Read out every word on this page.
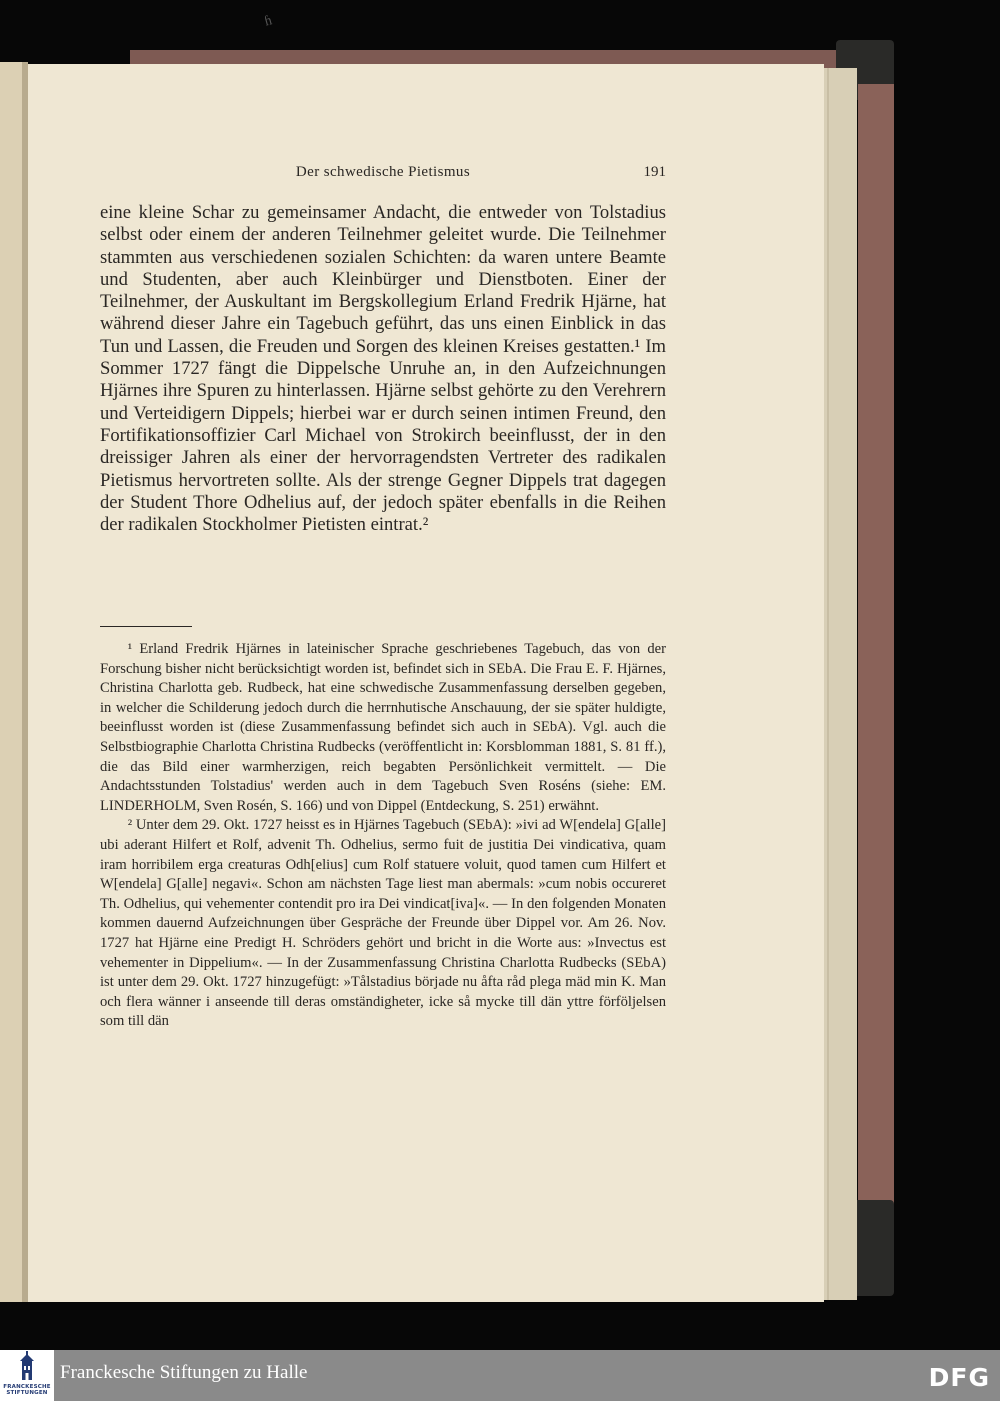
ɦ
Der schwedische Pietismus	191

eine kleine Schar zu gemeinsamer Andacht, die entweder von Tolstadius selbst oder einem der anderen Teilnehmer geleitet wurde. Die Teilnehmer stammten aus verschiedenen sozialen Schichten: da waren untere Beamte und Studenten, aber auch Kleinbürger und Dienstboten. Einer der Teilnehmer, der Auskultant im Bergskollegium Erland Fredrik Hjärne, hat während dieser Jahre ein Tagebuch geführt, das uns einen Einblick in das Tun und Lassen, die Freuden und Sorgen des kleinen Kreises gestatten.¹ Im Sommer 1727 fängt die Dippelsche Unruhe an, in den Aufzeichnungen Hjärnes ihre Spuren zu hinterlassen. Hjärne selbst gehörte zu den Verehrern und Verteidigern Dippels; hierbei war er durch seinen intimen Freund, den Fortifikationsoffizier Carl Michael von Strokirch beeinflusst, der in den dreissiger Jahren als einer der hervorragendsten Vertreter des radikalen Pietismus hervortreten sollte. Als der strenge Gegner Dippels trat dagegen der Student Thore Odhelius auf, der jedoch später ebenfalls in die Reihen der radikalen Stockholmer Pietisten eintrat.²

¹ Erland Fredrik Hjärnes in lateinischer Sprache geschriebenes Tagebuch, das von der Forschung bisher nicht berücksichtigt worden ist, befindet sich in SEbA. Die Frau E. F. Hjärnes, Christina Charlotta geb. Rudbeck, hat eine schwedische Zusammenfassung derselben gegeben, in welcher die Schilderung jedoch durch die herrnhutische Anschauung, der sie später huldigte, beeinflusst worden ist (diese Zusammenfassung befindet sich auch in SEbA). Vgl. auch die Selbstbiographie Charlotta Christina Rudbecks (veröffentlicht in: Korsblomman 1881, S. 81 ff.), die das Bild einer warmherzigen, reich begabten Persönlichkeit vermittelt. — Die Andachtsstunden Tolstadius' werden auch in dem Tagebuch Sven Roséns (siehe: EM. LINDERHOLM, Sven Rosén, S. 166) und von Dippel (Entdeckung, S. 251) erwähnt.

² Unter dem 29. Okt. 1727 heisst es in Hjärnes Tagebuch (SEbA): »ivi ad W[endela] G[alle] ubi aderant Hilfert et Rolf, advenit Th. Odhelius, sermo fuit de justitia Dei vindicativa, quam iram horribilem erga creaturas Odh[elius] cum Rolf statuere voluit, quod tamen cum Hilfert et W[endela] G[alle] negavi«. Schon am nächsten Tage liest man abermals: »cum nobis occureret Th. Odhelius, qui vehementer contendit pro ira Dei vindicat[iva]«. — In den folgenden Monaten kommen dauernd Aufzeichnungen über Gespräche der Freunde über Dippel vor. Am 26. Nov. 1727 hat Hjärne eine Predigt H. Schröders gehört und bricht in die Worte aus: »Invectus est vehementer in Dippelium«. — In der Zusammenfassung Christina Charlotta Rudbecks (SEbA) ist unter dem 29. Okt. 1727 hinzugefügt: »Tålstadius började nu åfta råd plega mäd min K. Man och flera wänner i anseende till deras omständigheter, icke så mycke till dän yttre förföljelsen som till dän

FRANCKESCHE STIFTUNGEN
Franckesche Stiftungen zu Halle	DFG
